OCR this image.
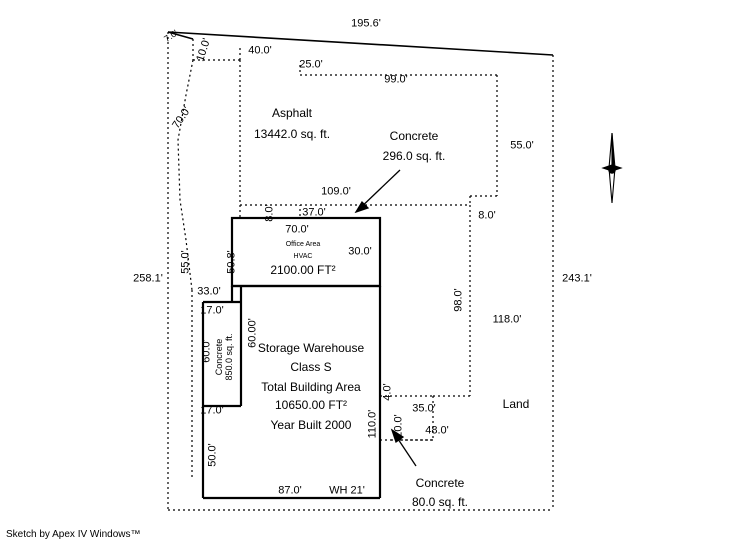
195.6'
7.0'
10.0'	40.0'
25.0'
99.0'
70.0'
55.0'
8.0'
98.0'
118.0'
243.1'
258.1'
55.0'	50.8'
33.0'
17.0'
60.0'
17.0'
50.0'
109.0'
8.0' 37.0'
70.0'
30.0'
60.00'
110.0'
4.0'
20.0'
35.0'
48.0'
87.0'
Asphalt
13442.0 sq. ft.	Concrete
296.0 sq. ft.
Office Area
HVAC
2100.00 FT²
Concrete 850.0 sq. ft. Storage Warehouse
Class S
Total Building Area
10650.00 FT²
Year Built 2000
WH 21'
Concrete
80.0 sq. ft.
Land
Sketch by Apex IV Windows™
